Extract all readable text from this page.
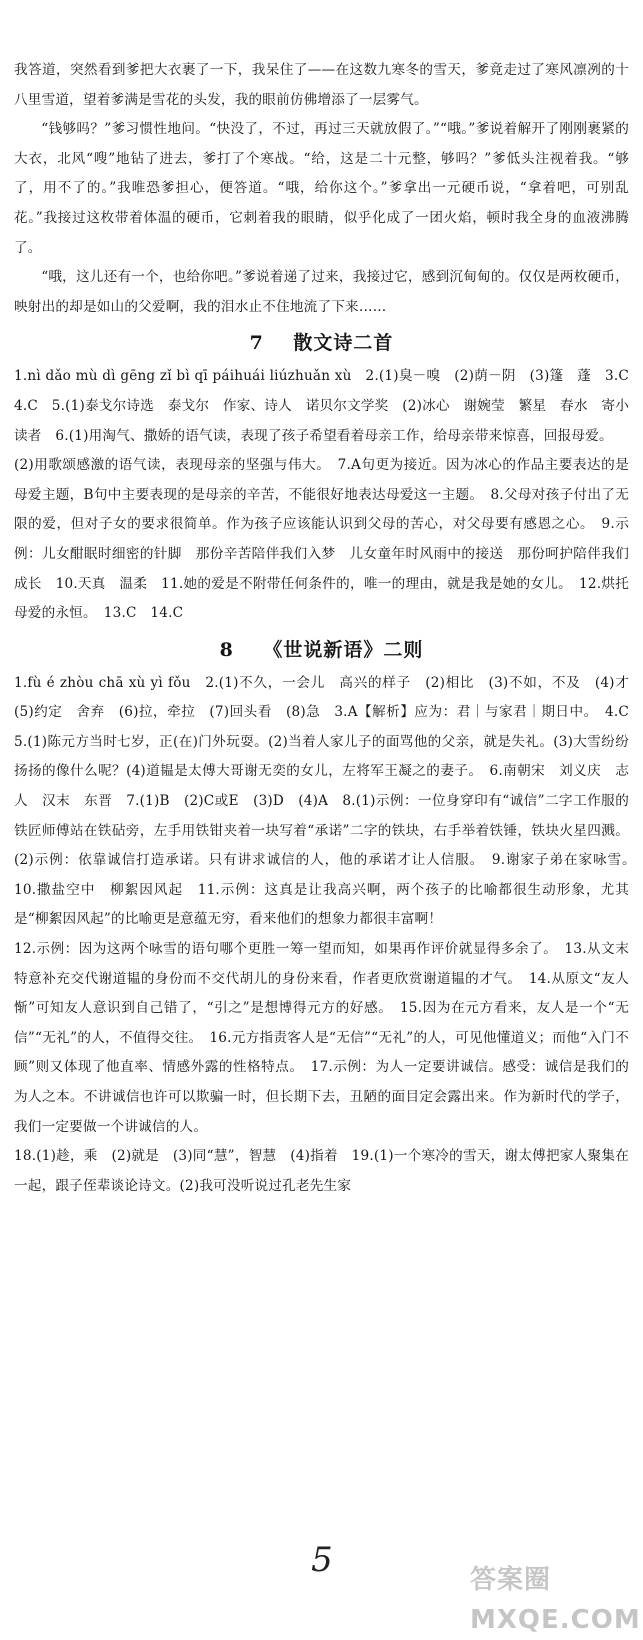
我答道，突然看到爹把大衣裹了一下，我呆住了——在这数九寒冬的雪天，爹竟走过了寒风凛冽的十八里雪道，望着爹满是雪花的头发，我的眼前仿佛增添了一层雾气。

“钱够吗？”爹习惯性地问。“快没了，不过，再过三天就放假了。”“哦。”爹说着解开了刚刚裹紧的大衣，北风“嗖”地钻了进去，爹打了个寒战。“给，这是二十元整，够吗？”爹低头注视着我。“够了，用不了的。”我唯恐爹担心，便答道。“哦，给你这个。”爹拿出一元硬币说，“拿着吧，可别乱花。”我接过这枚带着体温的硬币，它刺着我的眼睛，似乎化成了一团火焰，顿时我全身的血液沸腾了。

“哦，这儿还有一个，也给你吧。”爹说着递了过来，我接过它，感到沉甸甸的。仅仅是两枚硬币，映射出的却是如山的父爱啊，我的泪水止不住地流了下来……

7 散文诗二首

1.nì dǎo mù dì gēng zǐ bì qī páihuái liúzhuǎn xù　2.(1)臭－嗅　(2)荫－阴　(3)篷　蓬　3.C　4.C　5.(1)泰戈尔诗选　泰戈尔　作家、诗人　诺贝尔文学奖　(2)冰心　谢婉莹　繁星　春水　寄小读者　6.(1)用淘气、撒娇的语气读，表现了孩子希望看着母亲工作，给母亲带来惊喜，回报母爱。

(2)用歌颂感激的语气读，表现母亲的坚强与伟大。　7.A句更为接近。因为冰心的作品主要表达的是母爱主题，B句中主要表现的是母亲的辛苦，不能很好地表达母爱这一主题。　8.父母对孩子付出了无限的爱，但对子女的要求很简单。作为孩子应该能认识到父母的苦心，对父母要有感恩之心。　9.示例：儿女酣眠时细密的针脚　那份辛苦陪伴我们入梦　儿女童年时风雨中的接送　那份呵护陪伴我们成长　10.天真　温柔　11.她的爱是不附带任何条件的，唯一的理由，就是我是她的女儿。　12.烘托母爱的永恒。　13.C　14.C

8 《世说新语》二则

1.fù é zhòu chā xù yì fǒu　2.(1)不久，一会儿　高兴的样子　(2)相比　(3)不如，不及　(4)才　(5)约定　舍弃　(6)拉，牵拉　(7)回头看　(8)急　3.A【解析】应为：君｜与家君｜期日中。　4.C　5.(1)陈元方当时七岁，正(在)门外玩耍。(2)当着人家儿子的面骂他的父亲，就是失礼。(3)大雪纷纷扬扬的像什么呢？(4)道韫是太傅大哥谢无奕的女儿，左将军王凝之的妻子。　6.南朝宋　刘义庆　志人　汉末　东晋　7.(1)B　(2)C或E　(3)D　(4)A　8.(1)示例：一位身穿印有“诚信”二字工作服的铁匠师傅站在铁砧旁，左手用铁钳夹着一块写着“承诺”二字的铁块，右手举着铁锤，铁块火星四溅。(2)示例：依靠诚信打造承诺。只有讲求诚信的人，他的承诺才让人信服。　9.谢家子弟在家咏雪。　10.撒盐空中　柳絮因风起　11.示例：这真是让我高兴啊，两个孩子的比喻都很生动形象，尤其是“柳絮因风起”的比喻更是意蕴无穷，看来他们的想象力都很丰富啊！

12.示例：因为这两个咏雪的语句哪个更胜一筹一望而知，如果再作评价就显得多余了。　13.从文末特意补充交代谢道韫的身份而不交代胡儿的身份来看，作者更欣赏谢道韫的才气。　14.从原文“友人惭”可知友人意识到自己错了，“引之”是想博得元方的好感。　15.因为在元方看来，友人是一个“无信”“无礼”的人，不值得交往。　16.元方指责客人是“无信”“无礼”的人，可见他懂道义；而他“入门不顾”则又体现了他直率、情感外露的性格特点。　17.示例：为人一定要讲诚信。感受：诚信是我们的为人之本。不讲诚信也许可以欺骗一时，但长期下去，丑陋的面目定会露出来。作为新时代的学子，我们一定要做一个讲诚信的人。

18.(1)趁，乘　(2)就是　(3)同“慧”，智慧　(4)指着　19.(1)一个寒冷的雪天，谢太傅把家人聚集在一起，跟子侄辈谈论诗文。(2)我可没听说过孔老先生家

5	答案圈 MXQE.COM
